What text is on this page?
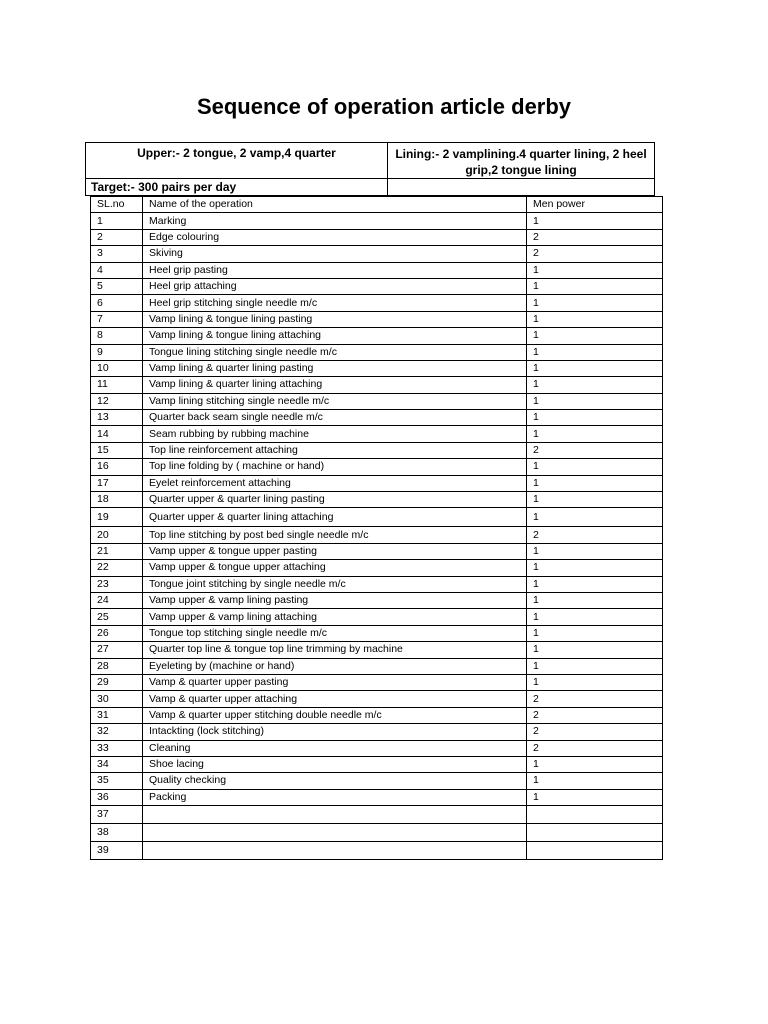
Sequence of operation article derby
Upper:- 2 tongue, 2 vamp,4 quarter	Lining:- 2 vamplining.4 quarter lining, 2 heel grip,2 tongue lining
Target:- 300 pairs per day
SL.no	Name of the operation	Men power
1	Marking	1
2	Edge colouring	2
3	Skiving	2
4	Heel grip pasting	1
5	Heel grip attaching	1
6	Heel grip stitching single needle m/c	1
7	Vamp lining & tongue lining pasting	1
8	Vamp lining & tongue lining attaching	1
9	Tongue lining stitching single needle m/c	1
10	Vamp lining & quarter lining pasting	1
11	Vamp lining & quarter lining attaching	1
12	Vamp lining stitching single needle m/c	1
13	Quarter back seam single needle m/c	1
14	Seam rubbing by rubbing machine	1
15	Top line reinforcement attaching	2
16	Top line folding by ( machine or hand)	1
17	Eyelet reinforcement attaching	1
18	Quarter upper & quarter lining pasting	1
19	Quarter upper & quarter lining attaching	1
20	Top line stitching by post bed single needle m/c	2
21	Vamp upper & tongue upper pasting	1
22	Vamp upper & tongue upper attaching	1
23	Tongue joint stitching by single needle m/c	1
24	Vamp upper & vamp lining pasting	1
25	Vamp upper & vamp lining attaching	1
26	Tongue top stitching single needle m/c	1
27	Quarter top line & tongue top line trimming by machine	1
28	Eyeleting by (machine or hand)	1
29	Vamp & quarter upper pasting	1
30	Vamp & quarter upper attaching	2
31	Vamp & quarter upper stitching double needle m/c	2
32	Intackting (lock stitching)	2
33	Cleaning	2
34	Shoe lacing	1
35	Quality checking	1
36	Packing	1
37		
38		
39		
